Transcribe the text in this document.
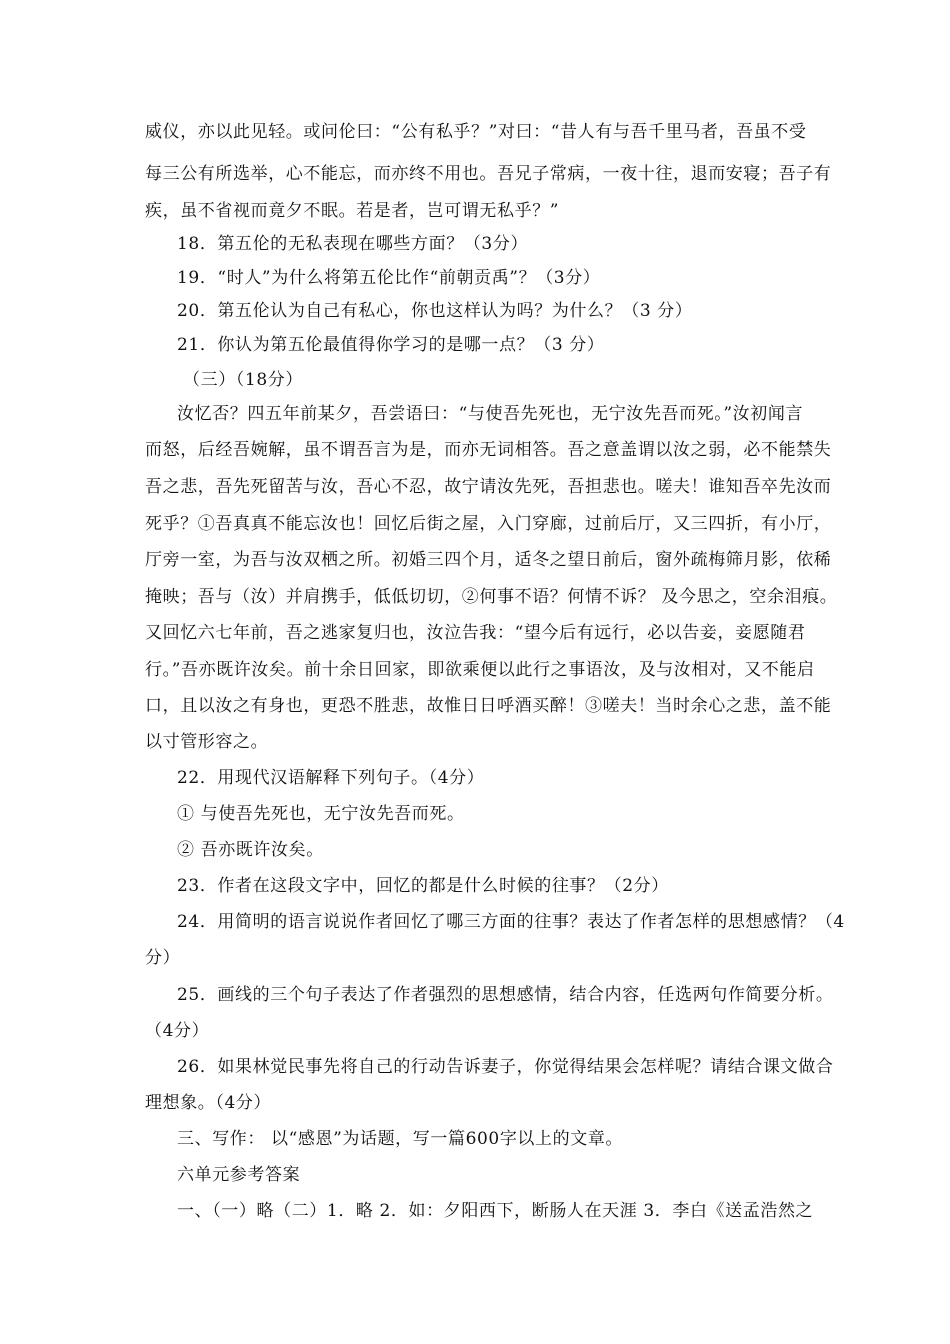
威仪，亦以此见轻。或问伦曰：“公有私乎？”对曰：“昔人有与吾千里马者，吾虽不受
每三公有所选举，心不能忘，而亦终不用也。吾兄子常病，一夜十往，退而安寝；吾子有
疾，虽不省视而竟夕不眠。若是者，岂可谓无私乎？”
18．第五伦的无私表现在哪些方面？（3分）
19．“时人”为什么将第五伦比作“前朝贡禹”？（3分）
20．第五伦认为自己有私心，你也这样认为吗？为什么？（3 分）
21．你认为第五伦最值得你学习的是哪一点？（3 分）
（三）（18分）
汝忆否？四五年前某夕，吾尝语曰：“与使吾先死也，无宁汝先吾而死。”汝初闻言
而怒，后经吾婉解，虽不谓吾言为是，而亦无词相答。吾之意盖谓以汝之弱，必不能禁失
吾之悲，吾先死留苦与汝，吾心不忍，故宁请汝先死，吾担悲也。嗟夫！谁知吾卒先汝而
死乎？①吾真真不能忘汝也！回忆后街之屋，入门穿廊，过前后厅，又三四折，有小厅，
厅旁一室，为吾与汝双栖之所。初婚三四个月，适冬之望日前后，窗外疏梅筛月影，依稀
掩映；吾与（汝）并肩携手，低低切切，②何事不语？何情不诉？ 及今思之，空余泪痕。
又回忆六七年前，吾之逃家复归也，汝泣告我：“望今后有远行，必以告妾，妾愿随君
行。”吾亦既许汝矣。前十余日回家，即欲乘便以此行之事语汝，及与汝相对，又不能启
口，且以汝之有身也，更恐不胜悲，故惟日日呼酒买醉！③嗟夫！当时余心之悲，盖不能
以寸管形容之。
22．用现代汉语解释下列句子。（4分）
① 与使吾先死也，无宁汝先吾而死。
② 吾亦既许汝矣。
23．作者在这段文字中，回忆的都是什么时候的往事？（2分）
24．用简明的语言说说作者回忆了哪三方面的往事？表达了作者怎样的思想感情？（4
分）
25．画线的三个句子表达了作者强烈的思想感情，结合内容，任选两句作简要分析。
（4分）
26．如果林觉民事先将自己的行动告诉妻子，你觉得结果会怎样呢？请结合课文做合
理想象。（4分）
三、写作： 以“感恩”为话题，写一篇600字以上的文章。
六单元参考答案
一、（一）略（二）1．略 2．如：夕阳西下，断肠人在天涯 3．李白《送孟浩然之
